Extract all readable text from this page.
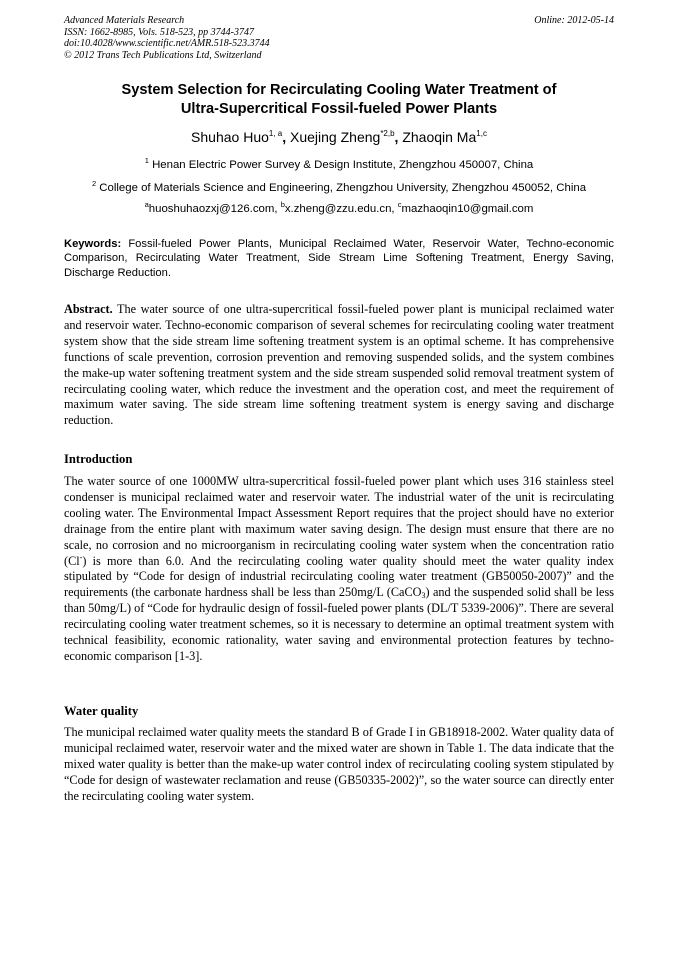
Advanced Materials Research
ISSN: 1662-8985, Vols. 518-523, pp 3744-3747
doi:10.4028/www.scientific.net/AMR.518-523.3744
© 2012 Trans Tech Publications Ltd, Switzerland
Online: 2012-05-14
System Selection for Recirculating Cooling Water Treatment of
Ultra-Supercritical Fossil-fueled Power Plants
Shuhao Huo$^{1, a}$, Xuejing Zheng$^{*2,b}$, Zhaoqin Ma$^{1,c}$
$^1$ Henan Electric Power Survey & Design Institute, Zhengzhou 450007, China
$^2$ College of Materials Science and Engineering, Zhengzhou University, Zhengzhou 450052, China
$^a$huoshuhaozxj@126.com, $^b$x.zheng@zzu.edu.cn, $^c$mazhaoqin10@gmail.com
Keywords: Fossil-fueled Power Plants, Municipal Reclaimed Water, Reservoir Water, Techno-economic Comparison, Recirculating Water Treatment, Side Stream Lime Softening Treatment, Energy Saving, Discharge Reduction.
Abstract. The water source of one ultra-supercritical fossil-fueled power plant is municipal reclaimed water and reservoir water. Techno-economic comparison of several schemes for recirculating cooling water treatment system show that the side stream lime softening treatment system is an optimal scheme. It has comprehensive functions of scale prevention, corrosion prevention and removing suspended solids, and the system combines the make-up water softening treatment system and the side stream suspended solid removal treatment system of recirculating cooling water, which reduce the investment and the operation cost, and meet the requirement of maximum water saving. The side stream lime softening treatment system is energy saving and discharge reduction.
Introduction
The water source of one 1000MW ultra-supercritical fossil-fueled power plant which uses 316 stainless steel condenser is municipal reclaimed water and reservoir water. The industrial water of the unit is recirculating cooling water. The Environmental Impact Assessment Report requires that the project should have no exterior drainage from the entire plant with maximum water saving design. The design must ensure that there are no scale, no corrosion and no microorganism in recirculating cooling water system when the concentration ratio (Cl-) is more than 6.0. And the recirculating cooling water quality should meet the water quality index stipulated by “Code for design of industrial recirculating cooling water treatment (GB50050-2007)” and the requirements (the carbonate hardness shall be less than 250mg/L (CaCO$_3$) and the suspended solid shall be less than 50mg/L) of “Code for hydraulic design of fossil-fueled power plants (DL/T 5339-2006)”. There are several recirculating cooling water treatment schemes, so it is necessary to determine an optimal treatment system with technical feasibility, economic rationality, water saving and environmental protection features by techno-economic comparison [1-3].
Water quality
The municipal reclaimed water quality meets the standard B of Grade I in GB18918-2002. Water quality data of municipal reclaimed water, reservoir water and the mixed water are shown in Table 1. The data indicate that the mixed water quality is better than the make-up water control index of recirculating cooling system stipulated by “Code for design of wastewater reclamation and reuse (GB50335-2002)”, so the water source can directly enter the recirculating cooling water system.
